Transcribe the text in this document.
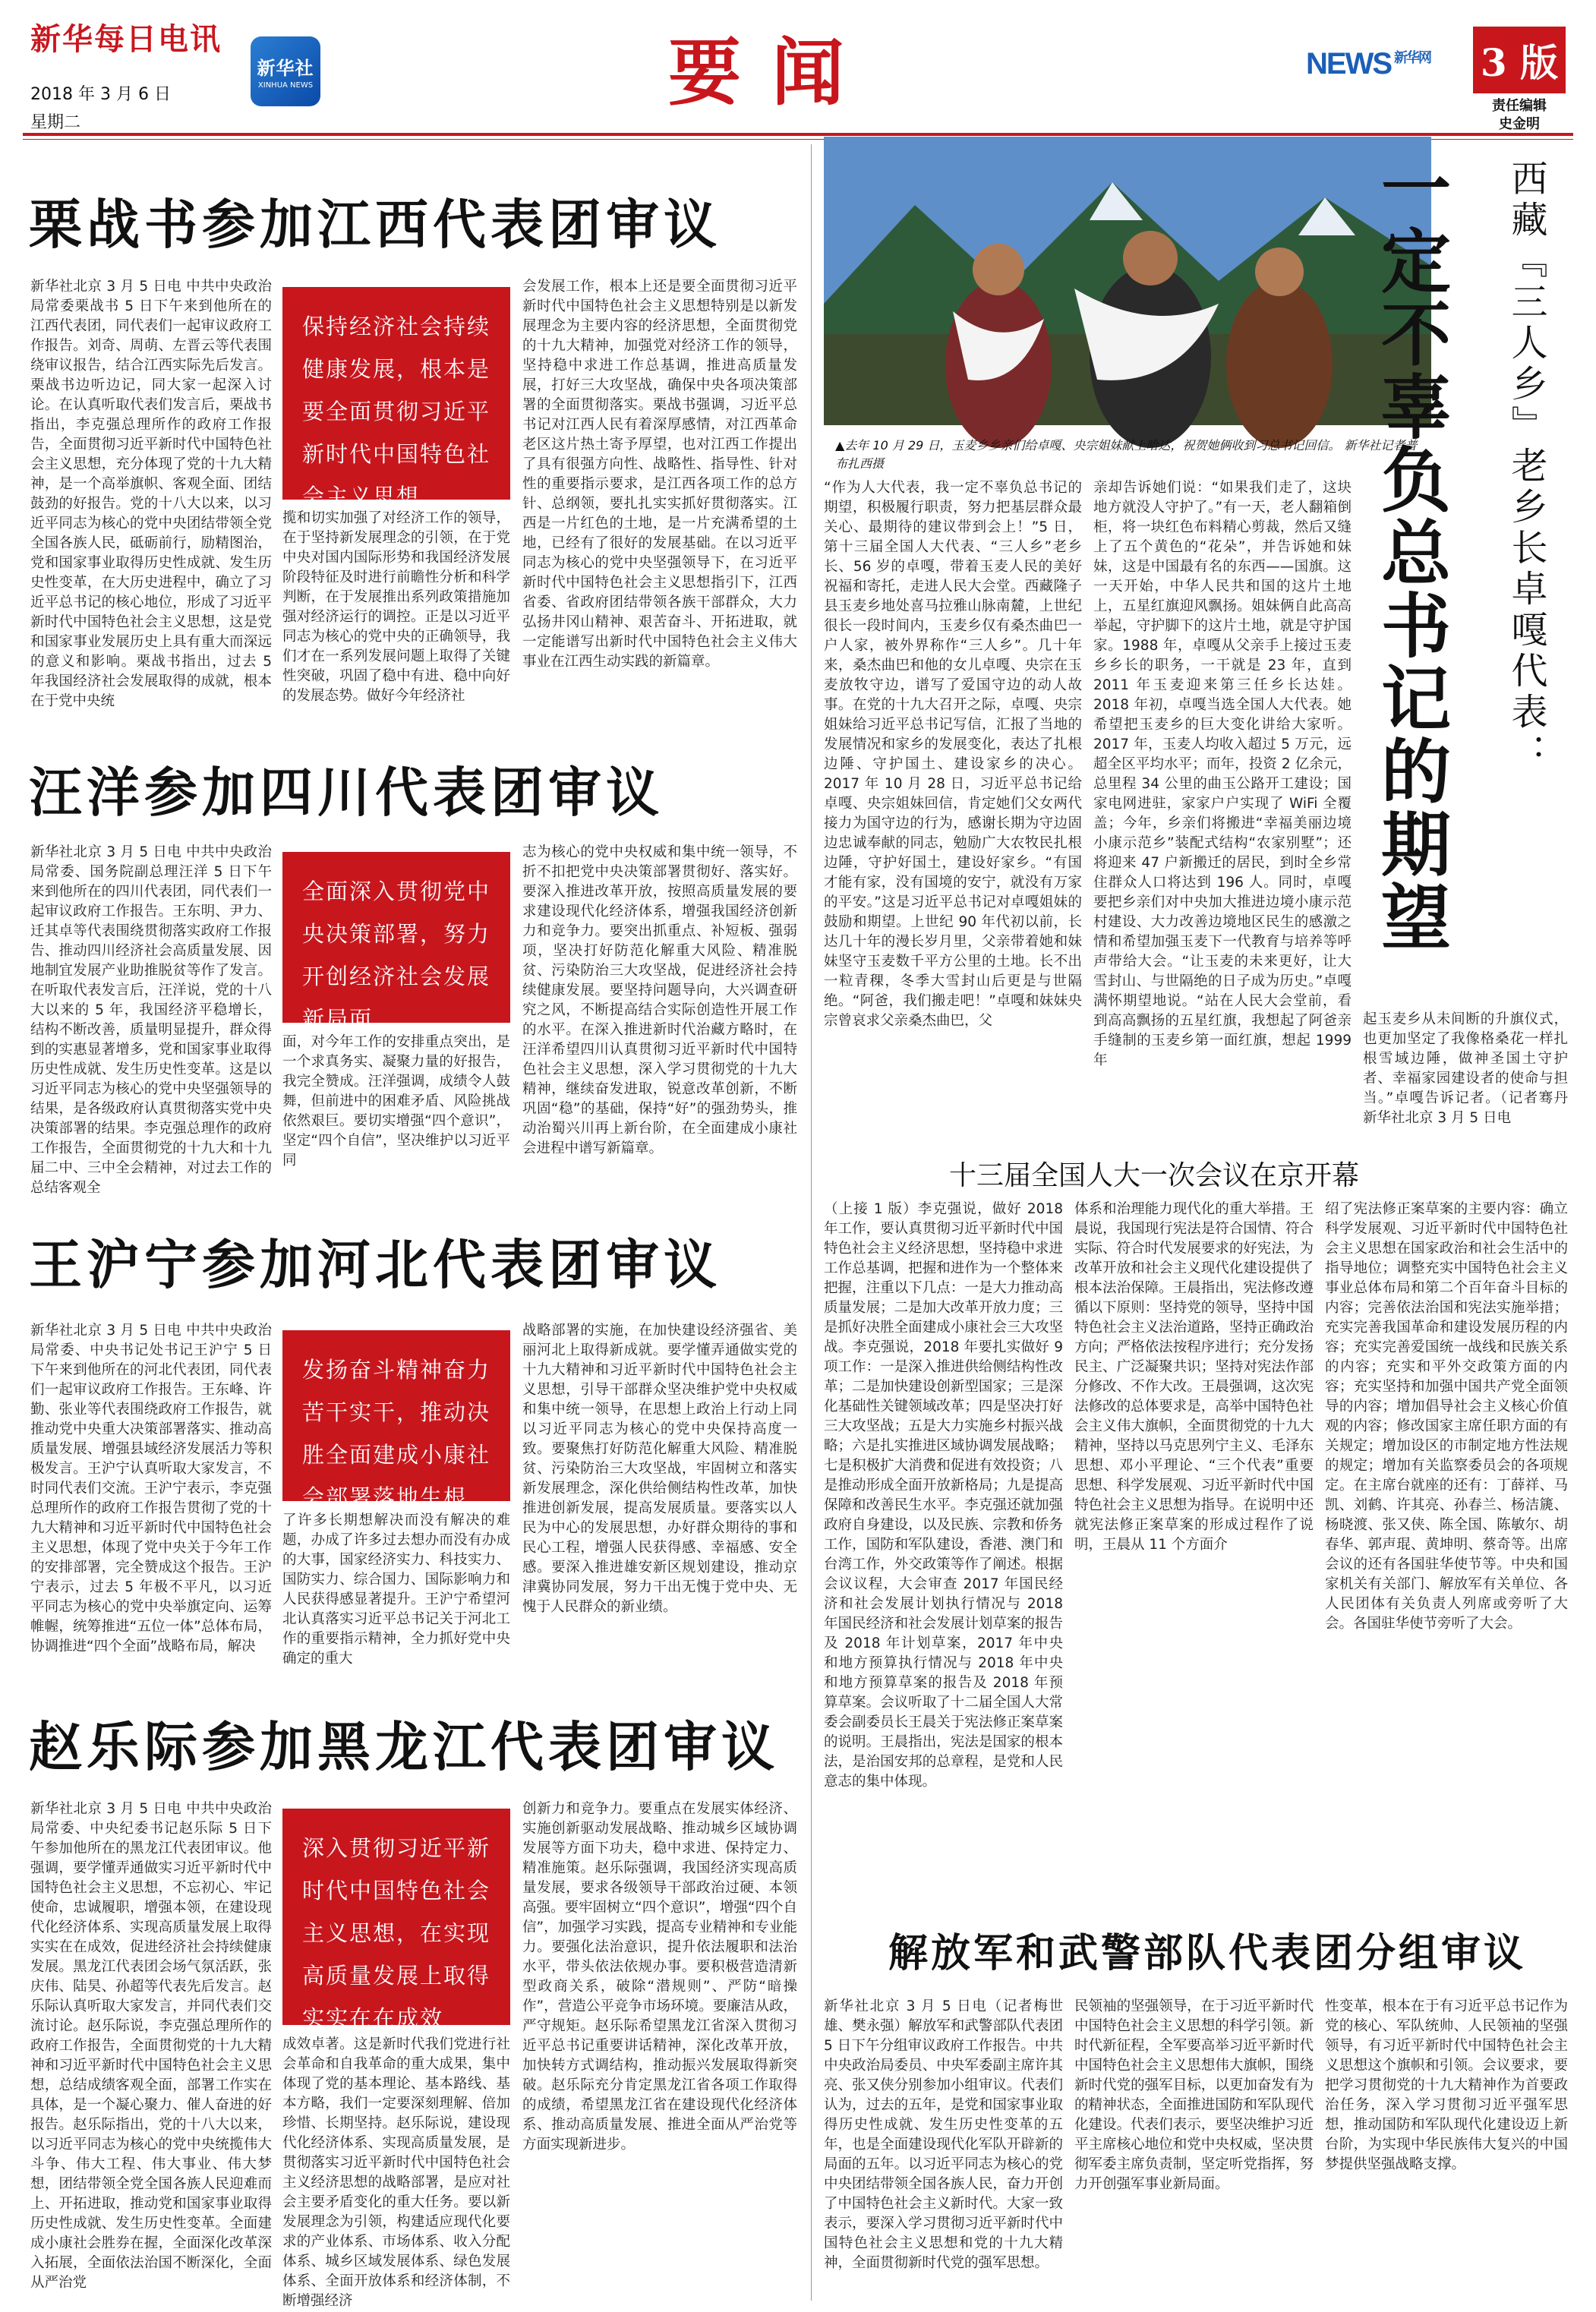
新华每日电讯
2018 年 3 月 6 日
星期二
新华社
XINHUA NEWS	要闻	NEWS $^{新华网}$ 3 版
责任编辑
史金明
栗战书参加江西代表团审议
新华社北京 3 月 5 日电 中共中央政治局常委栗战书 5 日下午来到他所在的江西代表团，同代表们一起审议政府工作报告。刘奇、周萌、左晋云等代表围绕审议报告，结合江西实际先后发言。栗战书边听边记，同大家一起深入讨论。在认真听取代表们发言后，栗战书指出，李克强总理所作的政府工作报告，全面贯彻习近平新时代中国特色社会主义思想，充分体现了党的十九大精神，是一个高举旗帜、客观全面、团结鼓劲的好报告。党的十八大以来，以习近平同志为核心的党中央团结带领全党全国各族人民，砥砺前行，励精图治，党和国家事业取得历史性成就、发生历史性变革，在大历史进程中，确立了习近平总书记的核心地位，形成了习近平新时代中国特色社会主义思想，这是党和国家事业发展历史上具有重大而深远的意义和影响。栗战书指出，过去 5 年我国经济社会发展取得的成就，根本在于党中央统
保持经济社会持续健康发展，根本是要全面贯彻习近平新时代中国特色社会主义思想
揽和切实加强了对经济工作的领导，在于坚持新发展理念的引领，在于党中央对国内国际形势和我国经济发展阶段特征及时进行前瞻性分析和科学判断，在于发展推出系列政策措施加强对经济运行的调控。正是以习近平同志为核心的党中央的正确领导，我们才在一系列发展问题上取得了关键性突破，巩固了稳中有进、稳中向好的发展态势。做好今年经济社
会发展工作，根本上还是要全面贯彻习近平新时代中国特色社会主义思想特别是以新发展理念为主要内容的经济思想，全面贯彻党的十九大精神，加强党对经济工作的领导，坚持稳中求进工作总基调，推进高质量发展，打好三大攻坚战，确保中央各项决策部署的全面贯彻落实。栗战书强调，习近平总书记对江西人民有着深厚感情，对江西革命老区这片热土寄予厚望，也对江西工作提出了具有很强方向性、战略性、指导性、针对性的重要指示要求，是江西各项工作的总方针、总纲领，要扎扎实实抓好贯彻落实。江西是一片红色的土地，是一片充满希望的土地，已经有了很好的发展基础。在以习近平同志为核心的党中央坚强领导下，在习近平新时代中国特色社会主义思想指引下，江西省委、省政府团结带领各族干部群众，大力弘扬井冈山精神、艰苦奋斗、开拓进取，就一定能谱写出新时代中国特色社会主义伟大事业在江西生动实践的新篇章。
汪洋参加四川代表团审议
新华社北京 3 月 5 日电 中共中央政治局常委、国务院副总理汪洋 5 日下午来到他所在的四川代表团，同代表们一起审议政府工作报告。王东明、尹力、迁其卓等代表围绕贯彻落实政府工作报告、推动四川经济社会高质量发展、因地制宜发展产业助推脱贫等作了发言。在听取代表发言后，汪洋说，党的十八大以来的 5 年，我国经济平稳增长，结构不断改善，质量明显提升，群众得到的实惠显著增多，党和国家事业取得历史性成就、发生历史性变革。这是以习近平同志为核心的党中央坚强领导的结果，是各级政府认真贯彻落实党中央决策部署的结果。李克强总理作的政府工作报告，全面贯彻党的十九大和十九届二中、三中全会精神，对过去工作的总结客观全
全面深入贯彻党中央决策部署，努力开创经济社会发展新局面
面，对今年工作的安排重点突出，是一个求真务实、凝聚力量的好报告，我完全赞成。汪洋强调，成绩令人鼓舞，但前进中的困难矛盾、风险挑战依然艰巨。要切实增强“四个意识”，坚定“四个自信”，坚决维护以习近平同
志为核心的党中央权威和集中统一领导，不折不扣把党中央决策部署贯彻好、落实好。要深入推进改革开放，按照高质量发展的要求建设现代化经济体系，增强我国经济创新力和竞争力。要突出抓重点、补短板、强弱项，坚决打好防范化解重大风险、精准脱贫、污染防治三大攻坚战，促进经济社会持续健康发展。要坚持问题导向，大兴调查研究之风，不断提高结合实际创造性开展工作的水平。在深入推进新时代治藏方略时，在汪洋希望四川认真贯彻习近平新时代中国特色社会主义思想，深入学习贯彻党的十九大精神，继续奋发进取，锐意改革创新，不断巩固“稳”的基础，保持“好”的强劲势头，推动治蜀兴川再上新台阶，在全面建成小康社会进程中谱写新篇章。
王沪宁参加河北代表团审议
新华社北京 3 月 5 日电 中共中央政治局常委、中央书记处书记王沪宁 5 日下午来到他所在的河北代表团，同代表们一起审议政府工作报告。王东峰、许勤、张业等代表围绕政府工作报告，就推动党中央重大决策部署落实、推动高质量发展、增强县域经济发展活力等积极发言。王沪宁认真听取大家发言，不时同代表们交流。王沪宁表示，李克强总理所作的政府工作报告贯彻了党的十九大精神和习近平新时代中国特色社会主义思想，体现了党中央关于今年工作的安排部署，完全赞成这个报告。王沪宁表示，过去 5 年极不平凡，以习近平同志为核心的党中央举旗定向、运筹帷幄，统筹推进“五位一体”总体布局，协调推进“四个全面”战略布局，解决
发扬奋斗精神奋力苦干实干，推动决胜全面建成小康社会部署落地生根
了许多长期想解决而没有解决的难题，办成了许多过去想办而没有办成的大事，国家经济实力、科技实力、国防实力、综合国力、国际影响力和人民获得感显著提升。王沪宁希望河北认真落实习近平总书记关于河北工作的重要指示精神，全力抓好党中央确定的重大
战略部署的实施，在加快建设经济强省、美丽河北上取得新成就。要学懂弄通做实党的十九大精神和习近平新时代中国特色社会主义思想，引导干部群众坚决维护党中央权威和集中统一领导，在思想上政治上行动上同以习近平同志为核心的党中央保持高度一致。要聚焦打好防范化解重大风险、精准脱贫、污染防治三大攻坚战，牢固树立和落实新发展理念，深化供给侧结构性改革，加快推进创新发展，提高发展质量。要落实以人民为中心的发展思想，办好群众期待的事和民心工程，增强人民获得感、幸福感、安全感。要深入推进雄安新区规划建设，推动京津冀协同发展，努力干出无愧于党中央、无愧于人民群众的新业绩。
赵乐际参加黑龙江代表团审议
新华社北京 3 月 5 日电 中共中央政治局常委、中央纪委书记赵乐际 5 日下午参加他所在的黑龙江代表团审议。他强调，要学懂弄通做实习近平新时代中国特色社会主义思想，不忘初心、牢记使命，忠诚履职，增强本领，在建设现代化经济体系、实现高质量发展上取得实实在在成效，促进经济社会持续健康发展。黑龙江代表团会场气氛活跃，张庆伟、陆昊、孙超等代表先后发言。赵乐际认真听取大家发言，并同代表们交流讨论。赵乐际说，李克强总理所作的政府工作报告，全面贯彻党的十九大精神和习近平新时代中国特色社会主义思想，总结成绩客观全面，部署工作实在具体，是一个凝心聚力、催人奋进的好报告。赵乐际指出，党的十八大以来，以习近平同志为核心的党中央统揽伟大斗争、伟大工程、伟大事业、伟大梦想，团结带领全党全国各族人民迎难而上、开拓进取，推动党和国家事业取得历史性成就、发生历史性变革。全面建成小康社会胜券在握，全面深化改革深入拓展，全面依法治国不断深化，全面从严治党
深入贯彻习近平新时代中国特色社会主义思想，在实现高质量发展上取得实实在在成效
成效卓著。这是新时代我们党进行社会革命和自我革命的重大成果，集中体现了党的基本理论、基本路线、基本方略，我们一定要深刻理解、倍加珍惜、长期坚持。赵乐际说，建设现代化经济体系、实现高质量发展，是贯彻落实习近平新时代中国特色社会主义经济思想的战略部署，是应对社会主要矛盾变化的重大任务。要以新发展理念为引领，构建适应现代化要求的产业体系、市场体系、收入分配体系、城乡区域发展体系、绿色发展体系、全面开放体系和经济体制，不断增强经济
创新力和竞争力。要重点在发展实体经济、实施创新驱动发展战略、推动城乡区域协调发展等方面下功夫，稳中求进、保持定力、精准施策。赵乐际强调，我国经济实现高质量发展，要求各级领导干部政治过硬、本领高强。要牢固树立“四个意识”，增强“四个自信”，加强学习实践，提高专业精神和专业能力。要强化法治意识，提升依法履职和法治水平，带头依法依规办事。要积极营造清新型政商关系，破除“潜规则”、严防“暗操作”，营造公平竞争市场环境。要廉洁从政，严守规矩。赵乐际希望黑龙江省深入贯彻习近平总书记重要讲话精神，深化改革开放，加快转方式调结构，推动振兴发展取得新突破。赵乐际充分肯定黑龙江省各项工作取得的成绩，希望黑龙江省在建设现代化经济体系、推动高质量发展、推进全面从严治党等方面实现新进步。
▲去年 10 月 29 日，玉麦乡乡亲们给卓嘎、央宗姐妹献上哈达，祝贺她俩收到习总书记回信。 新华社记者普布扎西摄	西藏『三人乡』老乡长卓嘎代表：
一定不辜负总书记的期望
“作为人大代表，我一定不辜负总书记的期望，积极履行职责，努力把基层群众最关心、最期待的建议带到会上！”5 日，第十三届全国人大代表、“三人乡”老乡长、56 岁的卓嘎，带着玉麦人民的美好祝福和寄托，走进人民大会堂。西藏隆子县玉麦乡地处喜马拉雅山脉南麓，上世纪很长一段时间内，玉麦乡仅有桑杰曲巴一户人家，被外界称作“三人乡”。几十年来，桑杰曲巴和他的女儿卓嘎、央宗在玉麦放牧守边，谱写了爱国守边的动人故事。在党的十九大召开之际，卓嘎、央宗姐妹给习近平总书记写信，汇报了当地的发展情况和家乡的发展变化，表达了扎根边陲、守护国土、建设家乡的决心。2017 年 10 月 28 日，习近平总书记给卓嘎、央宗姐妹回信，肯定她们父女两代接力为国守边的行为，感谢长期为守边固边忠诚奉献的同志，勉励广大农牧民扎根边陲，守护好国土，建设好家乡。“有国才能有家，没有国境的安宁，就没有万家的平安。”这是习近平总书记对卓嘎姐妹的鼓励和期望。上世纪 90 年代初以前，长达几十年的漫长岁月里，父亲带着她和妹妹坚守玉麦数千平方公里的土地。长不出一粒青稞，冬季大雪封山后更是与世隔绝。“阿爸，我们搬走吧！”卓嘎和妹妹央宗曾哀求父亲桑杰曲巴，父
亲却告诉她们说：“如果我们走了，这块地方就没人守护了。”有一天，老人翻箱倒柜，将一块红色布料精心剪裁，然后又缝上了五个黄色的“花朵”，并告诉她和妹妹，这是中国最有名的东西——国旗。这一天开始，中华人民共和国的这片土地上，五星红旗迎风飘扬。姐妹俩自此高高举起，守护脚下的这片土地，就是守护国家。1988 年，卓嘎从父亲手上接过玉麦乡乡长的职务，一干就是 23 年，直到 2011 年玉麦迎来第三任乡长达娃。2018 年初，卓嘎当选全国人大代表。她希望把玉麦乡的巨大变化讲给大家听。2017 年，玉麦人均收入超过 5 万元，远超全区平均水平；而年，投资 2 亿余元，总里程 34 公里的曲玉公路开工建设；国家电网进驻，家家户户实现了 WiFi 全覆盖；今年，乡亲们将搬进“幸福美丽边境小康示范乡”装配式结构“农家别墅”；还将迎来 47 户新搬迁的居民，到时全乡常住群众人口将达到 196 人。同时，卓嘎要把乡亲们对中央加大推进边境小康示范村建设、大力改善边境地区民生的感激之情和希望加强玉麦下一代教育与培养等呼声带给大会。“让玉麦的未来更好，让大雪封山、与世隔绝的日子成为历史。”卓嘎满怀期望地说。“站在人民大会堂前，看到高高飘扬的五星红旗，我想起了阿爸亲手缝制的玉麦乡第一面红旗，想起 1999 年
起玉麦乡从未间断的升旗仪式，也更加坚定了我像格桑花一样扎根雪域边陲，做神圣国土守护者、幸福家园建设者的使命与担当。”卓嘎告诉记者。（记者骞丹 新华社北京 3 月 5 日电
十三届全国人大一次会议在京开幕
（上接 1 版）李克强说，做好 2018 年工作，要认真贯彻习近平新时代中国特色社会主义经济思想，坚持稳中求进工作总基调，把握和进作为一个整体来把握，注重以下几点：一是大力推动高质量发展；二是加大改革开放力度；三是抓好决胜全面建成小康社会三大攻坚战。李克强说，2018 年要扎实做好 9 项工作：一是深入推进供给侧结构性改革；二是加快建设创新型国家；三是深化基础性关键领域改革；四是坚决打好三大攻坚战；五是大力实施乡村振兴战略；六是扎实推进区域协调发展战略；七是积极扩大消费和促进有效投资；八是推动形成全面开放新格局；九是提高保障和改善民生水平。李克强还就加强政府自身建设，以及民族、宗教和侨务工作，国防和军队建设，香港、澳门和台湾工作，外交政策等作了阐述。根据会议议程，大会审查 2017 年国民经济和社会发展计划执行情况与 2018 年国民经济和社会发展计划草案的报告及 2018 年计划草案，2017 年中央和地方预算执行情况与 2018 年中央和地方预算草案的报告及 2018 年预算草案。会议听取了十二届全国人大常委会副委员长王晨关于宪法修正案草案的说明。王晨指出，宪法是国家的根本法，是治国安邦的总章程，是党和人民意志的集中体现。
体系和治理能力现代化的重大举措。王晨说，我国现行宪法是符合国情、符合实际、符合时代发展要求的好宪法，为改革开放和社会主义现代化建设提供了根本法治保障。王晨指出，宪法修改遵循以下原则：坚持党的领导，坚持中国特色社会主义法治道路，坚持正确政治方向；严格依法按程序进行；充分发扬民主、广泛凝聚共识；坚持对宪法作部分修改、不作大改。王晨强调，这次宪法修改的总体要求是，高举中国特色社会主义伟大旗帜，全面贯彻党的十九大精神，坚持以马克思列宁主义、毛泽东思想、邓小平理论、“三个代表”重要思想、科学发展观、习近平新时代中国特色社会主义思想为指导。在说明中还就宪法修正案草案的形成过程作了说明，王晨从 11 个方面介
绍了宪法修正案草案的主要内容：确立科学发展观、习近平新时代中国特色社会主义思想在国家政治和社会生活中的指导地位；调整充实中国特色社会主义事业总体布局和第二个百年奋斗目标的内容；完善依法治国和宪法实施举措；充实完善我国革命和建设发展历程的内容；充实完善爱国统一战线和民族关系的内容；充实和平外交政策方面的内容；充实坚持和加强中国共产党全面领导的内容；增加倡导社会主义核心价值观的内容；修改国家主席任职方面的有关规定；增加设区的市制定地方性法规的规定；增加有关监察委员会的各项规定。在主席台就座的还有：丁薛祥、马凯、刘鹤、许其亮、孙春兰、杨洁篪、杨晓渡、张又侠、陈全国、陈敏尔、胡春华、郭声琨、黄坤明、蔡奇等。出席会议的还有各国驻华使节等。中央和国家机关有关部门、解放军有关单位、各人民团体有关负责人列席或旁听了大会。各国驻华使节旁听了大会。
解放军和武警部队代表团分组审议
新华社北京 3 月 5 日电（记者梅世雄、樊永强）解放军和武警部队代表团 5 日下午分组审议政府工作报告。中共中央政治局委员、中央军委副主席许其亮、张又侠分别参加小组审议。代表们认为，过去的五年，是党和国家事业取得历史性成就、发生历史性变革的五年，也是全面建设现代化军队开辟新的局面的五年。以习近平同志为核心的党中央团结带领全国各族人民，奋力开创了中国特色社会主义新时代。大家一致表示，要深入学习贯彻习近平新时代中国特色社会主义思想和党的十九大精神，全面贯彻新时代党的强军思想。
民领袖的坚强领导，在于习近平新时代中国特色社会主义思想的科学引领。新时代新征程，全军要高举习近平新时代中国特色社会主义思想伟大旗帜，围绕新时代党的强军目标，以更加奋发有为的精神状态，全面推进国防和军队现代化建设。代表们表示，要坚决维护习近平主席核心地位和党中央权威，坚决贯彻军委主席负责制，坚定听党指挥，努力开创强军事业新局面。
性变革，根本在于有习近平总书记作为党的核心、军队统帅、人民领袖的坚强领导，有习近平新时代中国特色社会主义思想这个旗帜和引领。会议要求，要把学习贯彻党的十九大精神作为首要政治任务，深入学习贯彻习近平强军思想，推动国防和军队现代化建设迈上新台阶，为实现中华民族伟大复兴的中国梦提供坚强战略支撑。
